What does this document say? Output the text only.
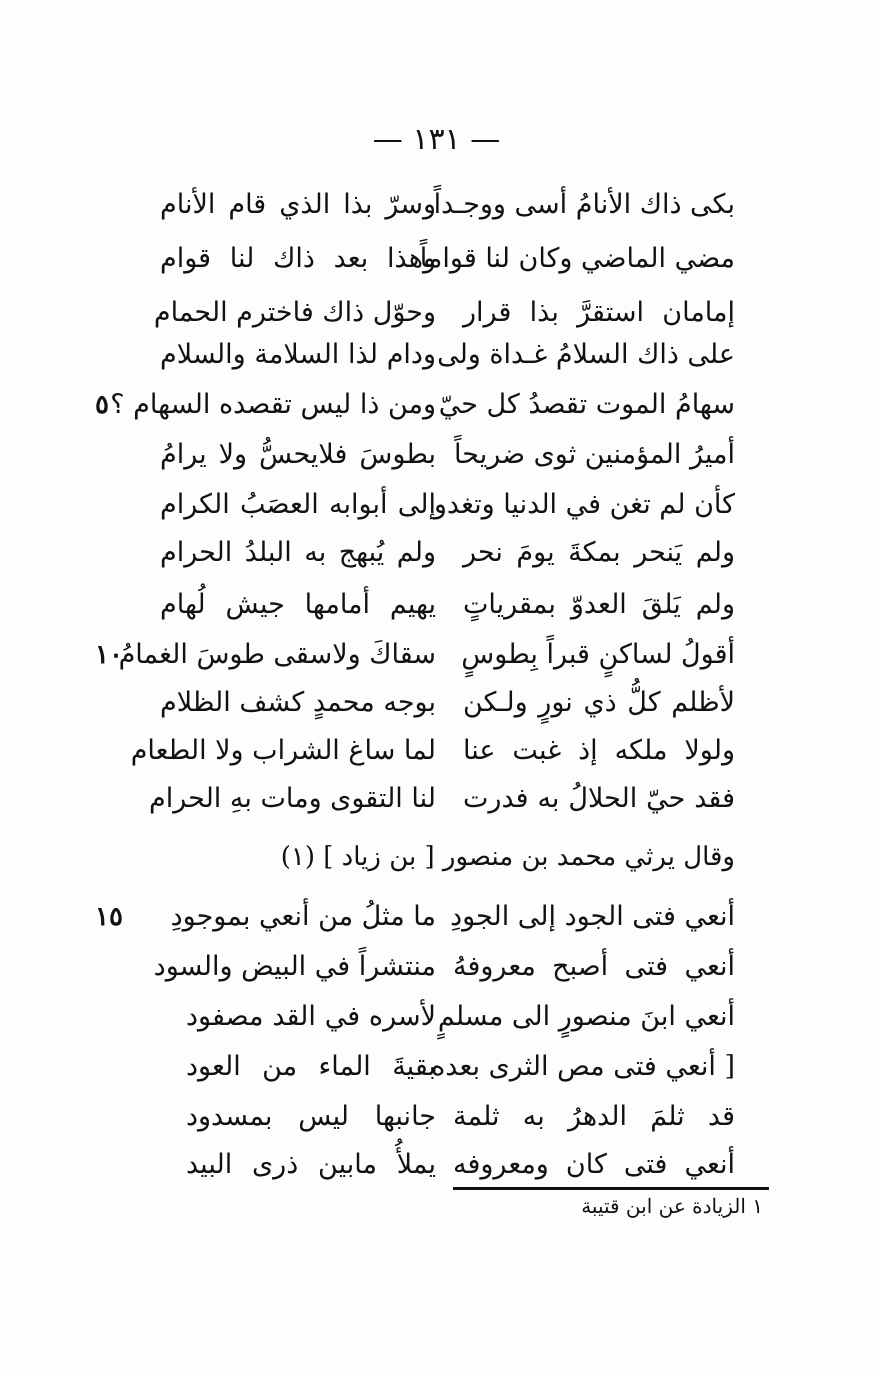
— ١٣١ —
بكى ذاك الأنامُ أسى ووجـداً
وسرّ بذا الذي قام الأنام
مضي الماضي وكان لنا قواماً
وهذا بعد ذاك لنا قوام
إمامان استقرَّ بذا قرار
وحوّل ذاك فاخترم الحمام
على ذاك السلامُ غـداة ولى
ودام لذا السلامة والسلام
سهامُ الموت تقصدُ كل حيّ
ومن ذا ليس تقصده السهام ؟
٥
أميرُ المؤمنين ثوى ضريحاً
بطوسَ فلايحسُّ ولا يرامُ
كأن لم تغن في الدنيا وتغدو
إلى أبوابه العصَبُ الكرام
ولم يَنحر بمكةَ يومَ نحر
ولم يُبهج به البلدُ الحرام
ولم يَلقَ العدوّ بمقرياتٍ
يهيم أمامها جيش لُهام
أقولُ لساكنٍ قبراً بِطوسٍ
سقاكَ ولاسقى طوسَ الغمامُ
١٠
لأظلم كلُّ ذي نورٍ ولـكن
بوجه محمدٍ كشف الظلام
ولولا ملكه إذ غبت عنا
لما ساغ الشراب ولا الطعام
فقد حيّ الحلالُ به فدرت
لنا التقوى ومات بهِ الحرام
وقال يرثي محمد بن منصور [ بن زياد ] (١)
أنعي فتى الجود إلى الجودِ
ما مثلُ من أنعي بموجودِ
١٥
أنعي فتى أصبح معروفهُ
منتشراً في البيض والسود
أنعي ابنَ منصورٍ الى مسلمٍ
لأسره في القد مصفود
[ أنعي فتى مص الثرى بعده
بقيةَ الماء من العود
قد ثلمَ الدهرُ به ثلمة
جانبها ليس بمسدود
أنعي فتى كان ومعروفه
يملأُ مابين ذرى البيد
١ الزيادة عن ابن قتيبة
